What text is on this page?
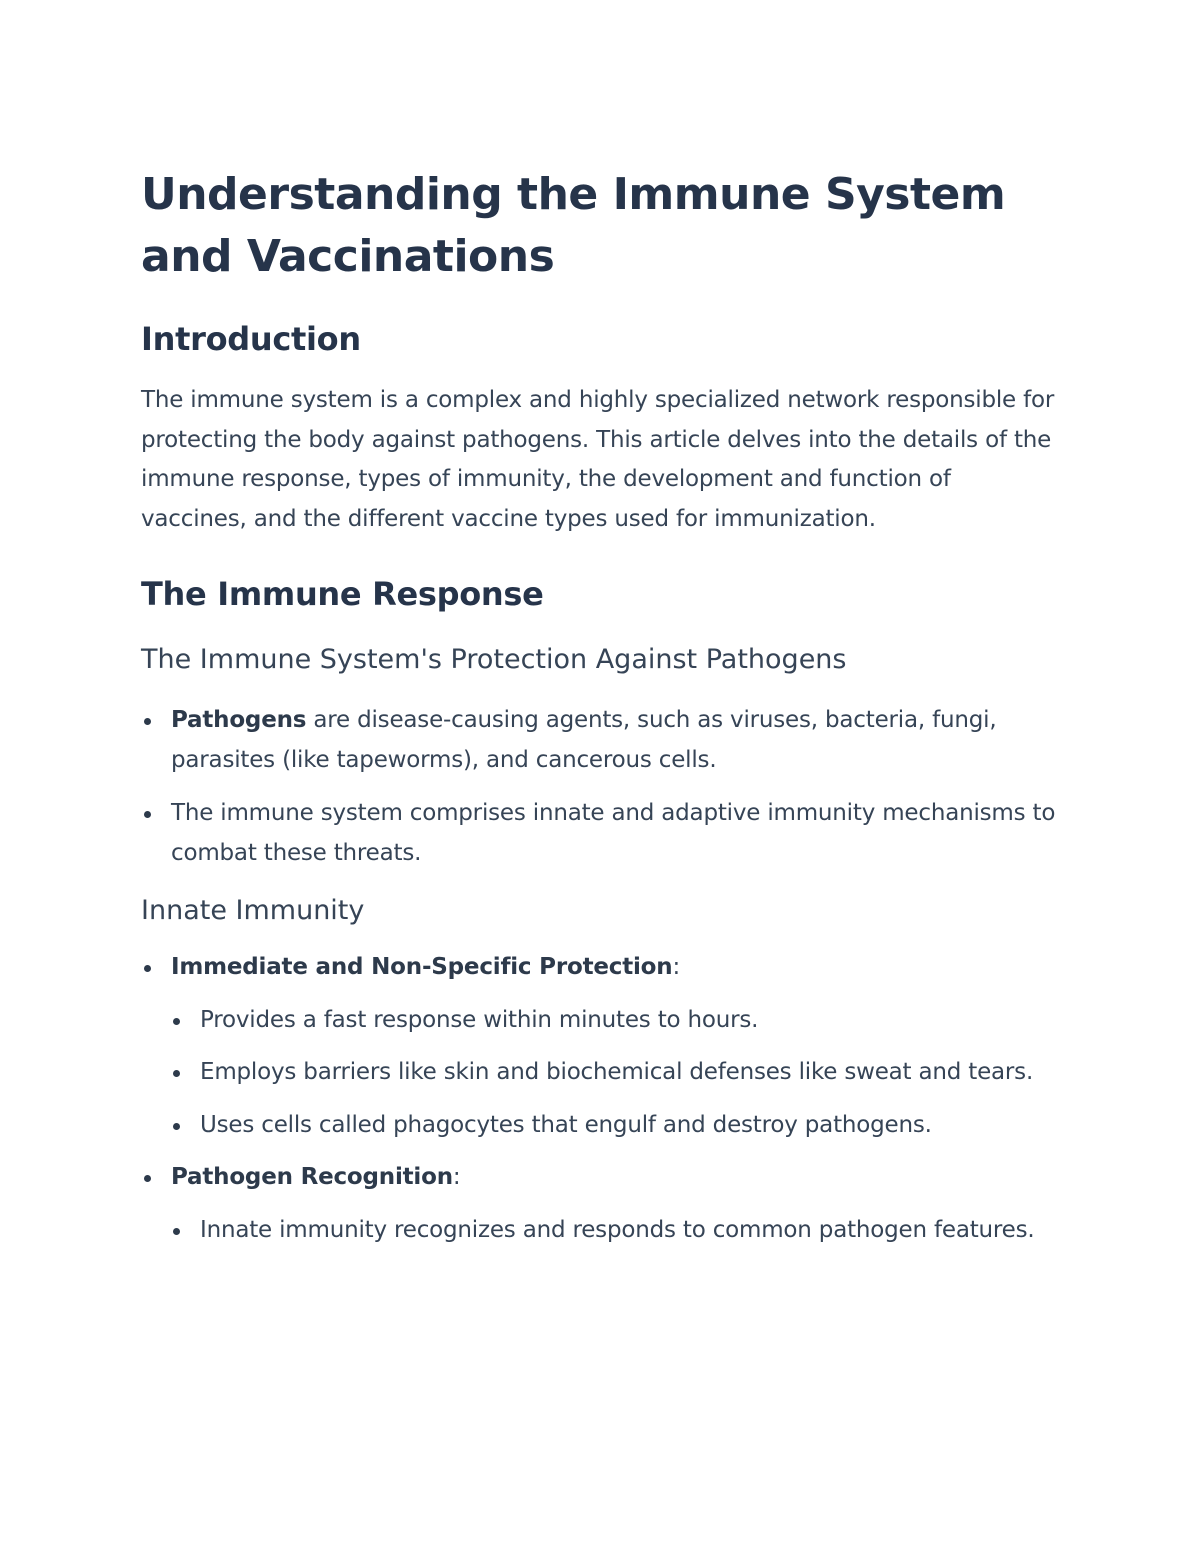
Understanding the Immune System and Vaccinations
Introduction

The immune system is a complex and highly specialized network responsible for protecting the body against pathogens. This article delves into the details of the immune response, types of immunity, the development and function of vaccines, and the different vaccine types used for immunization.

The Immune Response
The Immune System's Protection Against Pathogens
Pathogens are disease-causing agents, such as viruses, bacteria, fungi, parasites (like tapeworms), and cancerous cells.
The immune system comprises innate and adaptive immunity mechanisms to combat these threats.
Innate Immunity
Immediate and Non-Specific Protection:
Provides a fast response within minutes to hours.
Employs barriers like skin and biochemical defenses like sweat and tears.
Uses cells called phagocytes that engulf and destroy pathogens.
Pathogen Recognition:
Innate immunity recognizes and responds to common pathogen features.
